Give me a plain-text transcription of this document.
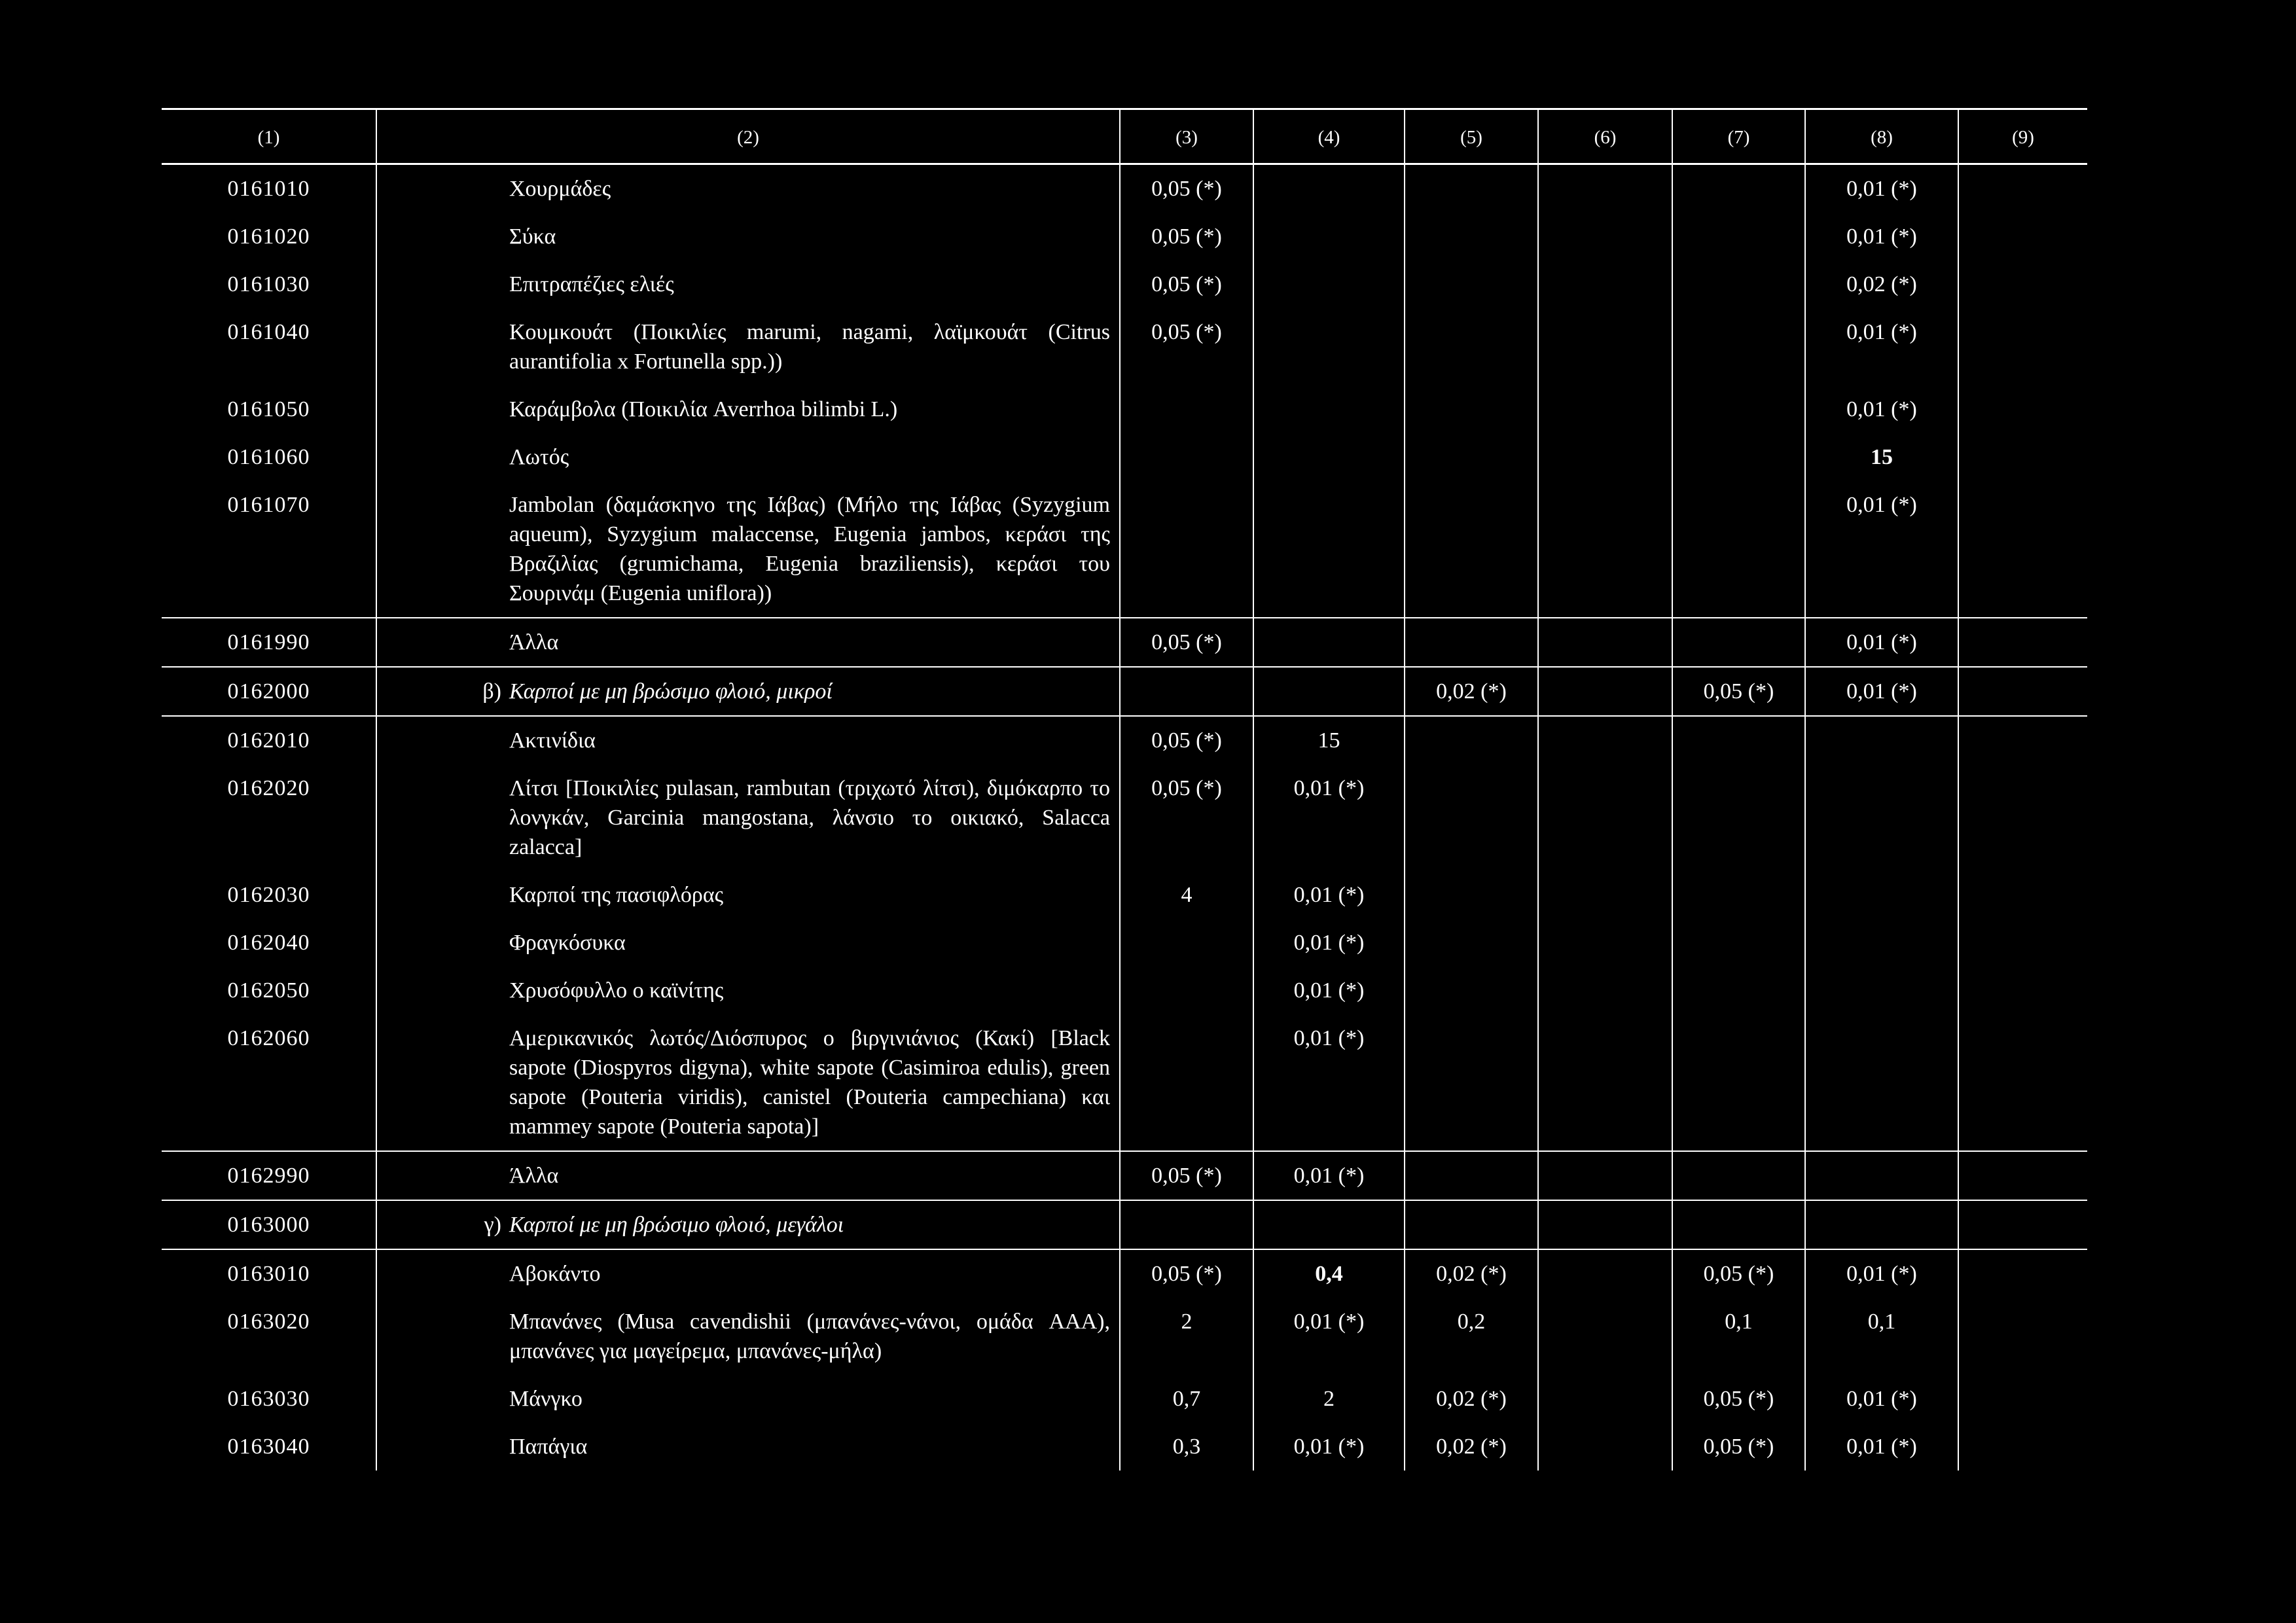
(1)	(2)	(3)	(4)	(5)	(6)	(7)	(8)	(9)
0161010	Χουρμάδες	0,05 (*)					0,01 (*)	
0161020	Σύκα	0,05 (*)					0,01 (*)	
0161030	Επιτραπέζιες ελιές	0,05 (*)					0,02 (*)	
0161040	Κουμκουάτ (Ποικιλίες marumi, nagami, λαϊμκουάτ (Citrus aurantifolia x Fortunella spp.))	0,05 (*)					0,01 (*)	
0161050	Καράμβολα (Ποικιλία Averrhoa bilimbi L.)						0,01 (*)	
0161060	Λωτός						15	
0161070	Jambolan (δαμάσκηνο της Ιάβας) (Μήλο της Ιάβας (Syzygium aqueum), Syzygium malaccense, Eugenia jambos, κεράσι της Βραζιλίας (grumichama, Eugenia braziliensis), κεράσι του Σουρινάμ (Eugenia uniflora))						0,01 (*)	
0161990	Άλλα	0,05 (*)					0,01 (*)	
0162000	β) Καρποί με μη βρώσιμο φλοιό, μικροί			0,02 (*)		0,05 (*)	0,01 (*)	
0162010	Ακτινίδια	0,05 (*)	15					
0162020	Λίτσι [Ποικιλίες pulasan, rambutan (τριχωτό λίτσι), διμόκαρπο το λονγκάν, Garcinia mangostana, λάνσιο το οικιακό, Salacca zalacca]	0,05 (*)	0,01 (*)					
0162030	Καρποί της πασιφλόρας	4	0,01 (*)					
0162040	Φραγκόσυκα		0,01 (*)					
0162050	Χρυσόφυλλο ο καϊνίτης		0,01 (*)					
0162060	Αμερικανικός λωτός/Διόσπυρος ο βιργινιάνιος (Κακί) [Black sapote (Diospyros digyna), white sapote (Casimiroa edulis), green sapote (Pouteria viridis), canistel (Pouteria campechiana) και mammey sapote (Pouteria sapota)]		0,01 (*)					
0162990	Άλλα	0,05 (*)	0,01 (*)					
0163000	γ) Καρποί με μη βρώσιμο φλοιό, μεγάλοι							
0163010	Αβοκάντο	0,05 (*)	0,4	0,02 (*)		0,05 (*)	0,01 (*)	
0163020	Μπανάνες (Musa cavendishii (μπανάνες-νάνοι, ομάδα AAA), μπανάνες για μαγείρεμα, μπανάνες-μήλα)	2	0,01 (*)	0,2		0,1	0,1	
0163030	Μάνγκο	0,7	2	0,02 (*)		0,05 (*)	0,01 (*)	
0163040	Παπάγια	0,3	0,01 (*)	0,02 (*)		0,05 (*)	0,01 (*)	
